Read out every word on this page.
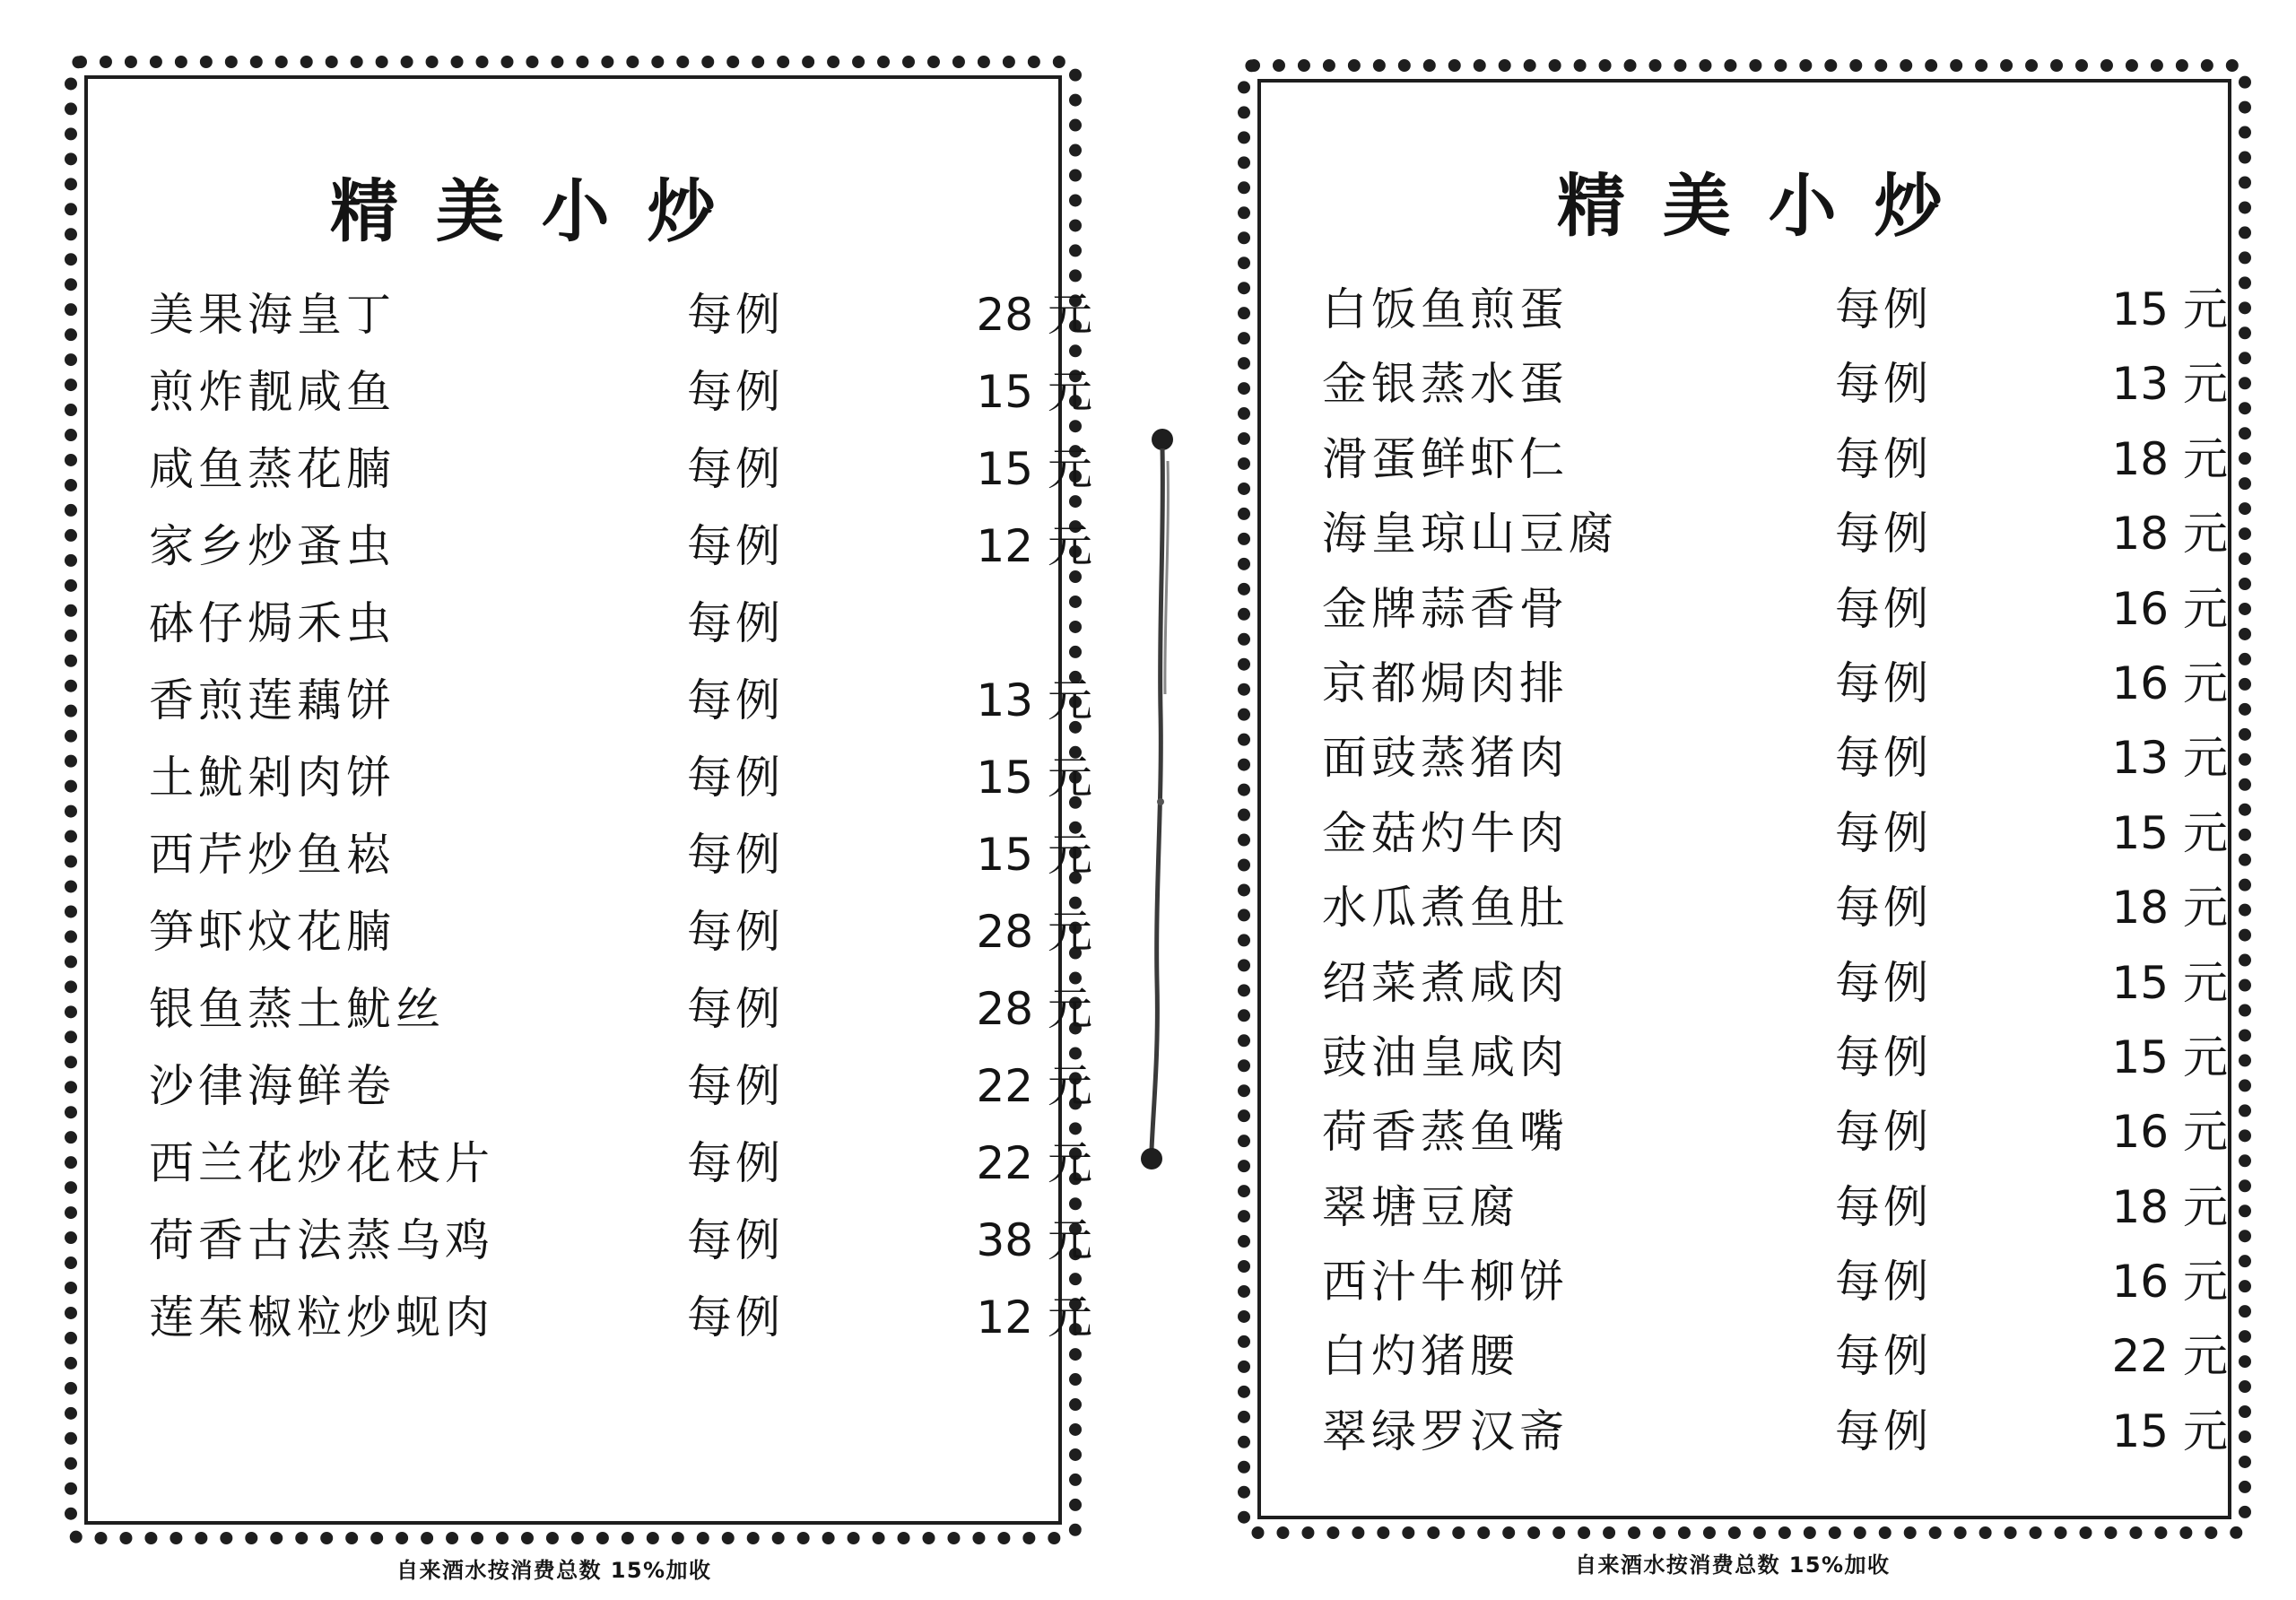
精美小炒
美果海皇丁	每例	28 元
煎炸靓咸鱼	每例	15 元
咸鱼蒸花腩	每例	15 元
家乡炒蚤虫	每例	12 元
砵仔焗禾虫	每例
香煎莲藕饼	每例	13 元
土魷剁肉饼	每例	15 元
西芹炒鱼崧	每例	15 元
笋虾炆花腩	每例	28 元
银鱼蒸土魷丝	每例	28 元
沙律海鲜卷	每例	22 元
西兰花炒花枝片	每例	22 元
荷香古法蒸乌鸡	每例	38 元
莲茱椒粒炒蚬肉	每例	12 元
精美小炒
白饭鱼煎蛋	每例	15 元
金银蒸水蛋	每例	13 元
滑蛋鲜虾仁	每例	18 元
海皇琼山豆腐	每例	18 元
金牌蒜香骨	每例	16 元
京都焗肉排	每例	16 元
面豉蒸猪肉	每例	13 元
金菇灼牛肉	每例	15 元
水瓜煮鱼肚	每例	18 元
绍菜煮咸肉	每例	15 元
豉油皇咸肉	每例	15 元
荷香蒸鱼嘴	每例	16 元
翠塘豆腐	每例	18 元
西汁牛柳饼	每例	16 元
白灼猪腰	每例	22 元
翠绿罗汉斋	每例	15 元
自来酒水按消费总数 15%加收	自来酒水按消费总数 15%加收
